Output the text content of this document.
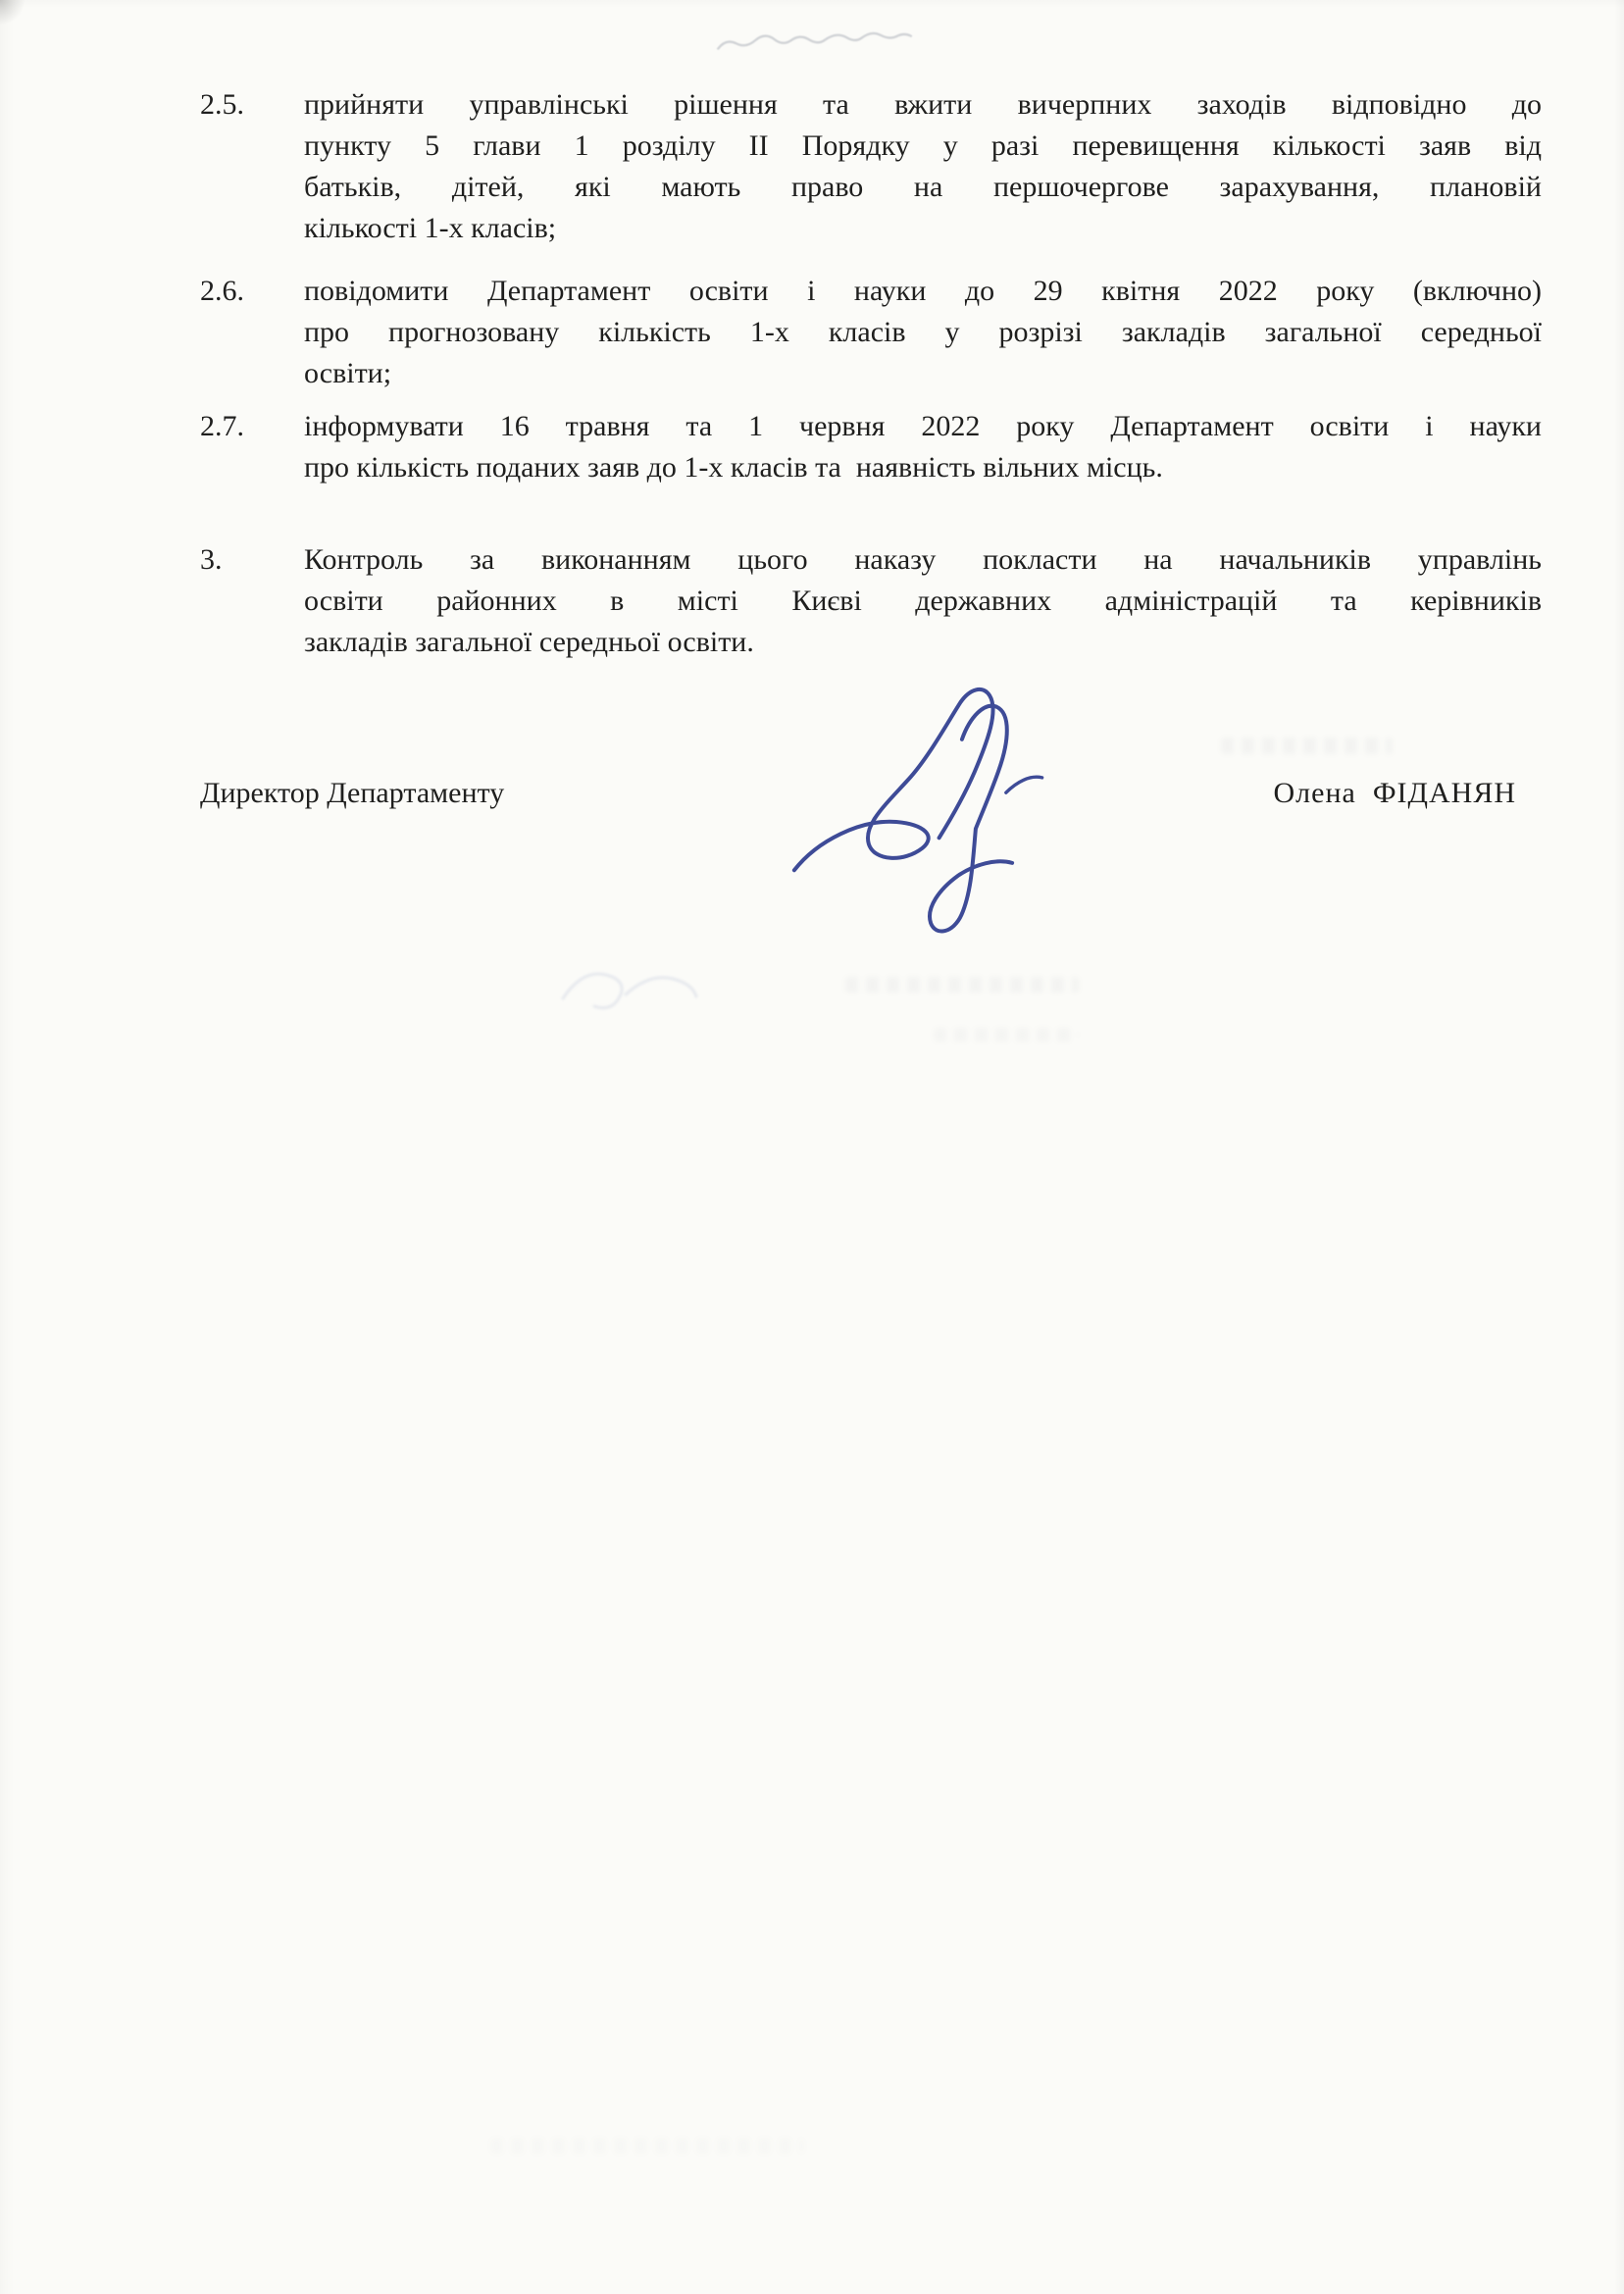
2.5.	прийняти управлінські рішення та вжити вичерпних заходів відповідно до
пункту 5 глави 1 розділу ІІ Порядку у разі перевищення кількості заяв від
батьків, дітей, які мають право на першочергове зарахування, плановій
кількості 1-х класів;
2.6.	повідомити Департамент освіти і науки до 29 квітня 2022 року (включно)
про прогнозовану кількість 1-х класів у розрізі закладів загальної середньої
освіти;
2.7.	інформувати 16 травня та 1 червня 2022 року Департамент освіти і науки
про кількість поданих заяв до 1-х класів та  наявність вільних місць.
3.	Контроль за виконанням цього наказу покласти на начальників управлінь
освіти районних в місті Києві державних адміністрацій та керівників
закладів загальної середньої освіти.
Директор Департаменту	Олена  ФІДАНЯН
